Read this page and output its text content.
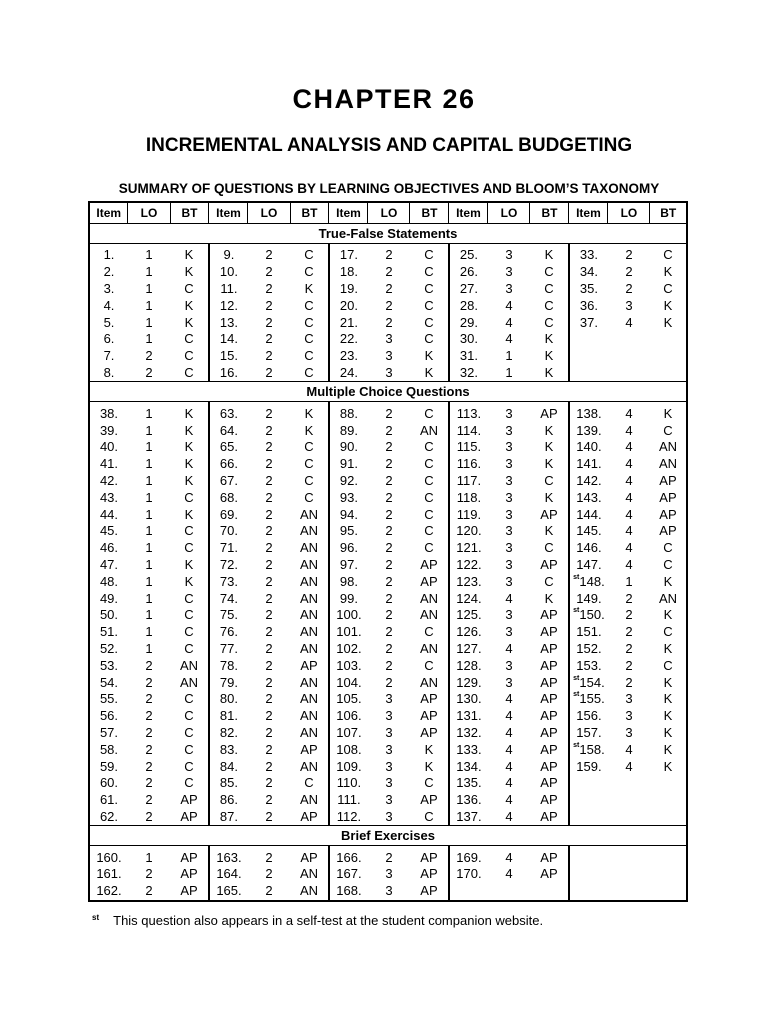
CHAPTER 26
INCREMENTAL ANALYSIS AND CAPITAL BUDGETING
SUMMARY OF QUESTIONS BY LEARNING OBJECTIVES AND BLOOM’S TAXONOMY
Item	LO	BT	Item	LO	BT	Item	LO	BT	Item	LO	BT	Item	LO	BT
True-False Statements														
1.	1	K	9.	2	C	17.	2	C	25.	3	K	33.	2	C
2.	1	K	10.	2	C	18.	2	C	26.	3	C	34.	2	K
3.	1	C	11.	2	K	19.	2	C	27.	3	C	35.	2	C
4.	1	K	12.	2	C	20.	2	C	28.	4	C	36.	3	K
5.	1	K	13.	2	C	21.	2	C	29.	4	C	37.	4	K
6.	1	C	14.	2	C	22.	3	C	30.	4	K			
7.	2	C	15.	2	C	23.	3	K	31.	1	K			
8.	2	C	16.	2	C	24.	3	K	32.	1	K			
Multiple Choice Questions														
38.	1	K	63.	2	K	88.	2	C	113.	3	AP	138.	4	K
39.	1	K	64.	2	K	89.	2	AN	114.	3	K	139.	4	C
40.	1	K	65.	2	C	90.	2	C	115.	3	K	140.	4	AN
41.	1	K	66.	2	C	91.	2	C	116.	3	K	141.	4	AN
42.	1	K	67.	2	C	92.	2	C	117.	3	C	142.	4	AP
43.	1	C	68.	2	C	93.	2	C	118.	3	K	143.	4	AP
44.	1	K	69.	2	AN	94.	2	C	119.	3	AP	144.	4	AP
45.	1	C	70.	2	AN	95.	2	C	120.	3	K	145.	4	AP
46.	1	C	71.	2	AN	96.	2	C	121.	3	C	146.	4	C
47.	1	K	72.	2	AN	97.	2	AP	122.	3	AP	147.	4	C
48.	1	K	73.	2	AN	98.	2	AP	123.	3	C	$^{st}$148.	1	K
49.	1	C	74.	2	AN	99.	2	AN	124.	4	K	149.	2	AN
50.	1	C	75.	2	AN	100.	2	AN	125.	3	AP	$^{st}$150.	2	K
51.	1	C	76.	2	AN	101.	2	C	126.	3	AP	151.	2	C
52.	1	C	77.	2	AN	102.	2	AN	127.	4	AP	152.	2	K
53.	2	AN	78.	2	AP	103.	2	C	128.	3	AP	153.	2	C
54.	2	AN	79.	2	AN	104.	2	AN	129.	3	AP	$^{st}$154.	2	K
55.	2	C	80.	2	AN	105.	3	AP	130.	4	AP	$^{st}$155.	3	K
56.	2	C	81.	2	AN	106.	3	AP	131.	4	AP	156.	3	K
57.	2	C	82.	2	AN	107.	3	AP	132.	4	AP	157.	3	K
58.	2	C	83.	2	AP	108.	3	K	133.	4	AP	$^{st}$158.	4	K
59.	2	C	84.	2	AN	109.	3	K	134.	4	AP	159.	4	K
60.	2	C	85.	2	C	110.	3	C	135.	4	AP			
61.	2	AP	86.	2	AN	111.	3	AP	136.	4	AP			
62.	2	AP	87.	2	AP	112.	3	C	137.	4	AP			
Brief Exercises														
160.	1	AP	163.	2	AP	166.	2	AP	169.	4	AP			
161.	2	AP	164.	2	AN	167.	3	AP	170.	4	AP			
162.	2	AP	165.	2	AN	168.	3	AP						
$^{st}$ This question also appears in a self-test at the student companion website.
